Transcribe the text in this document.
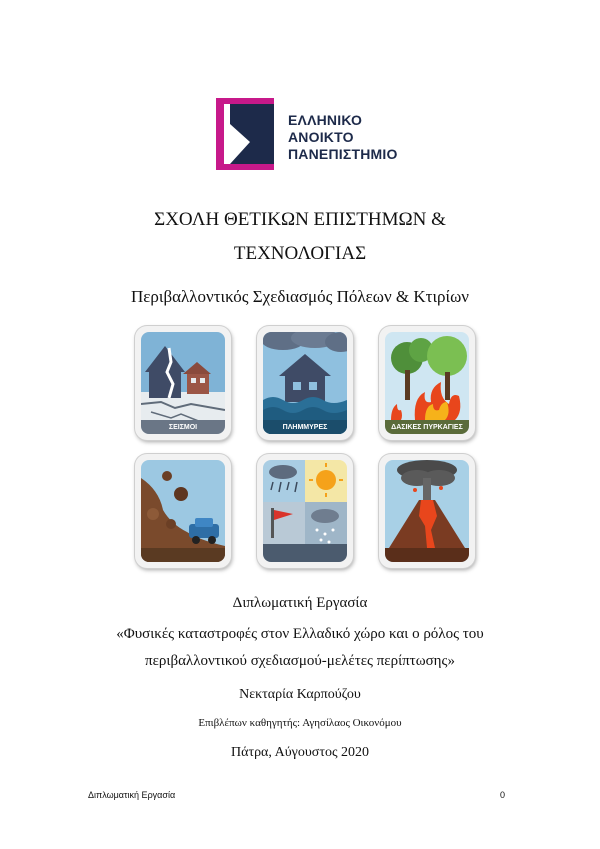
ΕΛΛΗΝΙΚΟ
ΑΝΟΙΚΤΟ
ΠΑΝΕΠΙΣΤΗΜΙΟ
ΣΧΟΛΗ ΘΕΤΙΚΩΝ ΕΠΙΣΤΗΜΩΝ &
ΤΕΧΝΟΛΟΓΙΑΣ
Περιβαλλοντικός Σχεδιασμός Πόλεων & Κτιρίων
ΣΕΙΣΜΟΙ	ΠΛΗΜΜΥΡΕΣ	ΔΑΣΙΚΕΣ ΠΥΡΚΑΓΙΕΣ
Διπλωματική Εργασία
«Φυσικές καταστροφές στον Ελλαδικό χώρο και ο ρόλος του
περιβαλλοντικού σχεδιασμού-μελέτες περίπτωσης»
Νεκταρία Καρπούζου
Επιβλέπων καθηγητής: Αγησίλαος Οικονόμου
Πάτρα, Αύγουστος 2020
Διπλωματική Εργασία	0
